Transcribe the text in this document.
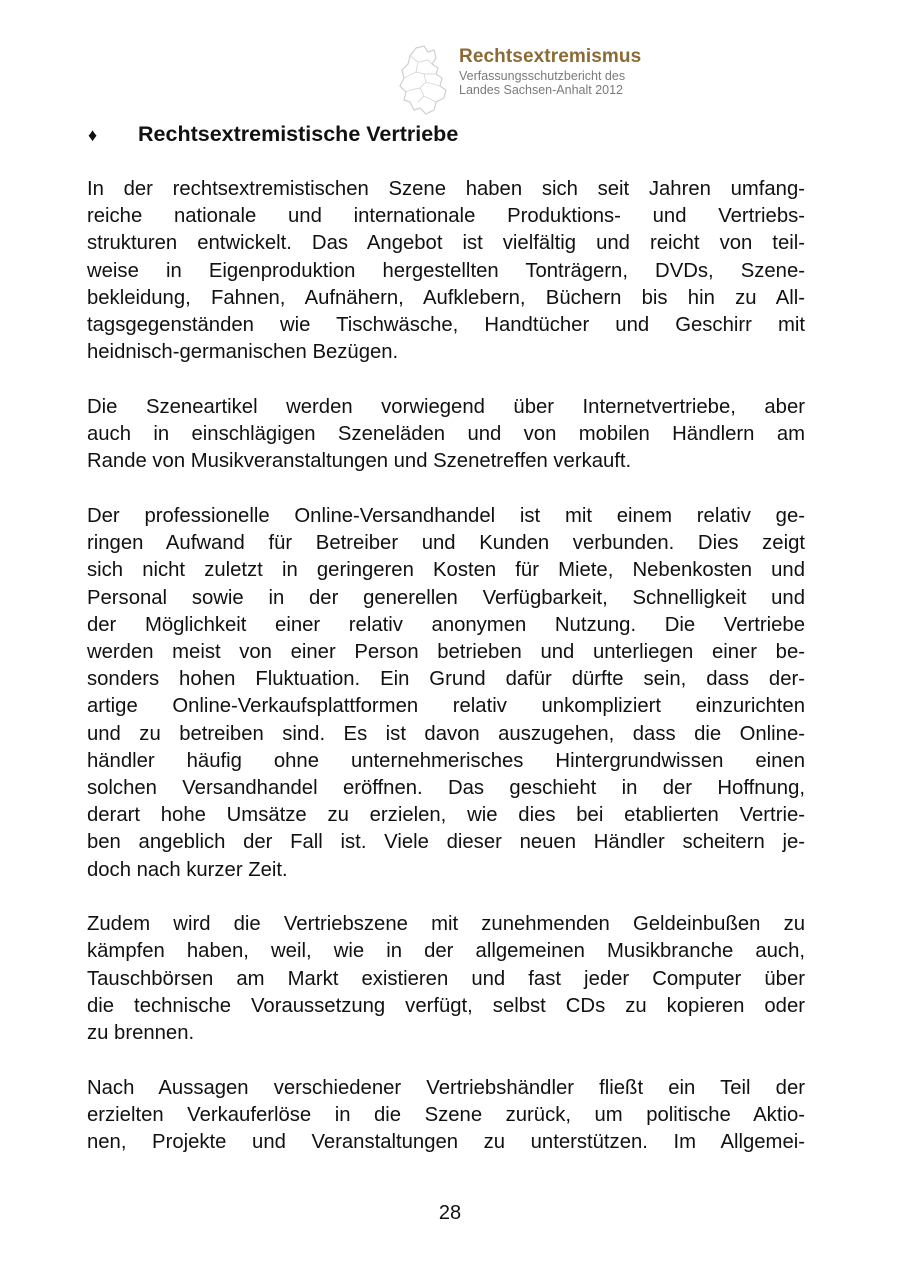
Rechtsextremismus
Verfassungsschutzbericht des
Landes Sachsen-Anhalt 2012
♦ Rechtsextremistische Vertriebe
In der rechtsextremistischen Szene haben sich seit Jahren umfang-
reiche nationale und internationale Produktions- und Vertriebs-
strukturen entwickelt. Das Angebot ist vielfältig und reicht von teil-
weise in Eigenproduktion hergestellten Tonträgern, DVDs, Szene-
bekleidung, Fahnen, Aufnähern, Aufklebern, Büchern bis hin zu All-
tagsgegenständen wie Tischwäsche, Handtücher und Geschirr mit
heidnisch-germanischen Bezügen.
Die Szeneartikel werden vorwiegend über Internetvertriebe, aber
auch in einschlägigen Szeneläden und von mobilen Händlern am
Rande von Musikveranstaltungen und Szenetreffen verkauft.
Der professionelle Online-Versandhandel ist mit einem relativ ge-
ringen Aufwand für Betreiber und Kunden verbunden. Dies zeigt
sich nicht zuletzt in geringeren Kosten für Miete, Nebenkosten und
Personal sowie in der generellen Verfügbarkeit, Schnelligkeit und
der Möglichkeit einer relativ anonymen Nutzung. Die Vertriebe
werden meist von einer Person betrieben und unterliegen einer be-
sonders hohen Fluktuation. Ein Grund dafür dürfte sein, dass der-
artige Online-Verkaufsplattformen relativ unkompliziert einzurichten
und zu betreiben sind. Es ist davon auszugehen, dass die Online-
händler häufig ohne unternehmerisches Hintergrundwissen einen
solchen Versandhandel eröffnen. Das geschieht in der Hoffnung,
derart hohe Umsätze zu erzielen, wie dies bei etablierten Vertrie-
ben angeblich der Fall ist. Viele dieser neuen Händler scheitern je-
doch nach kurzer Zeit.
Zudem wird die Vertriebszene mit zunehmenden Geldeinbußen zu
kämpfen haben, weil, wie in der allgemeinen Musikbranche auch,
Tauschbörsen am Markt existieren und fast jeder Computer über
die technische Voraussetzung verfügt, selbst CDs zu kopieren oder
zu brennen.
Nach Aussagen verschiedener Vertriebshändler fließt ein Teil der
erzielten Verkauferlöse in die Szene zurück, um politische Aktio-
nen, Projekte und Veranstaltungen zu unterstützen. Im Allgemei-
28
